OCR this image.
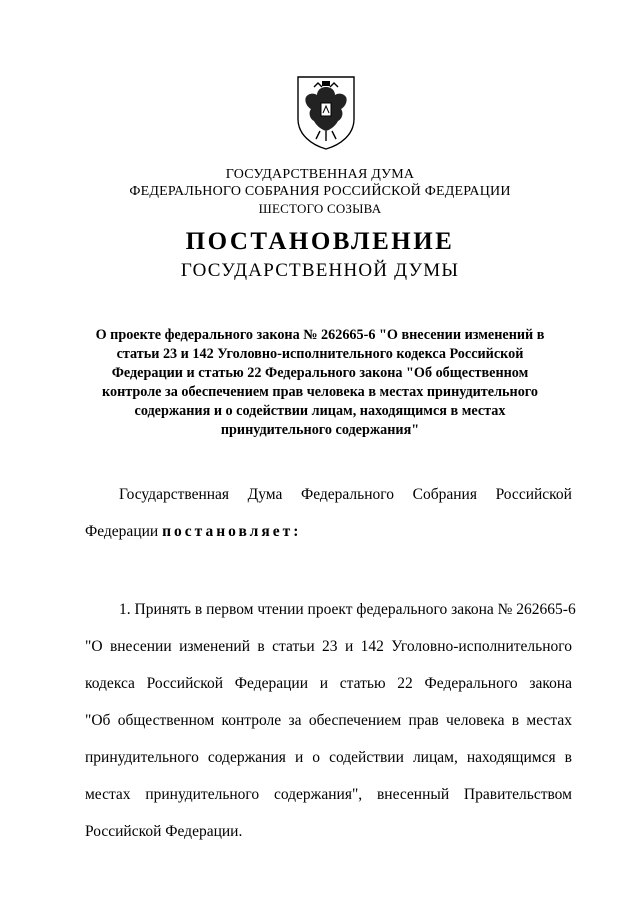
ГОСУДАРСТВЕННАЯ ДУМА
ФЕДЕРАЛЬНОГО СОБРАНИЯ РОССИЙСКОЙ ФЕДЕРАЦИИ
ШЕСТОГО СОЗЫВА
ПОСТАНОВЛЕНИЕ
ГОСУДАРСТВЕННОЙ ДУМЫ
О проекте федерального закона № 262665-6 "О внесении изменений в
статьи 23 и 142 Уголовно-исполнительного кодекса Российской
Федерации и статью 22 Федерального закона "Об общественном
контроле за обеспечением прав человека в местах принудительного
содержания и о содействии лицам, находящимся в местах
принудительного содержания"
Государственная Дума Федерального Собрания Российской
Федерации постановляет:
1. Принять в первом чтении проект федерального закона № 262665-6
"О внесении изменений в статьи 23 и 142 Уголовно-исполнительного
кодекса Российской Федерации и статью 22 Федерального закона
"Об общественном контроле за обеспечением прав человека в местах
принудительного содержания и о содействии лицам, находящимся в
местах принудительного содержания", внесенный Правительством
Российской Федерации.
